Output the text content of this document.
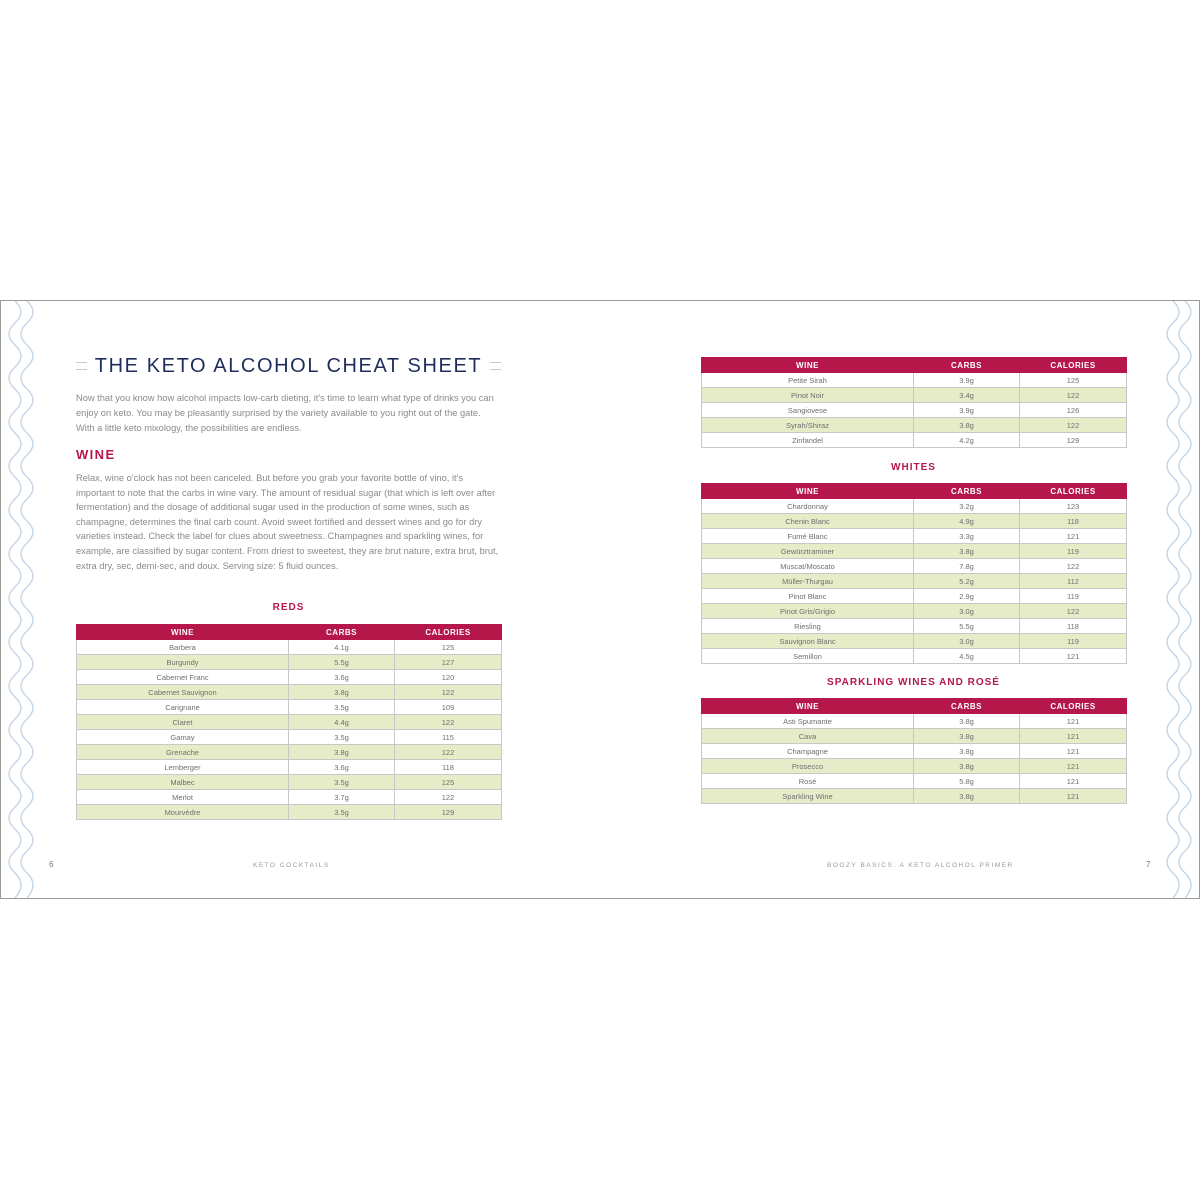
THE KETO ALCOHOL CHEAT SHEET
Now that you know how alcohol impacts low-carb dieting, it's time to learn what type of drinks you can enjoy on keto. You may be pleasantly surprised by the variety available to you right out of the gate. With a little keto mixology, the possibilities are endless.
WINE
Relax, wine o'clock has not been canceled. But before you grab your favorite bottle of vino, it's important to note that the carbs in wine vary. The amount of residual sugar (that which is left over after fermentation) and the dosage of additional sugar used in the production of some wines, such as champagne, determines the final carb count. Avoid sweet fortified and dessert wines and go for dry varieties instead. Check the label for clues about sweetness. Champagnes and sparkling wines, for example, are classified by sugar content. From driest to sweetest, they are brut nature, extra brut, brut, extra dry, sec, demi-sec, and doux. Serving size: 5 fluid ounces.
REDS
WINE	CARBS	CALORIES
Barbera	4.1g	125
Burgundy	5.5g	127
Cabernet Franc	3.6g	120
Cabernet Sauvignon	3.8g	122
Carignane	3.5g	109
Claret	4.4g	122
Gamay	3.5g	115
Grenache	3.8g	122
Lemberger	3.6g	118
Malbec	3.5g	125
Merlot	3.7g	122
Mourvèdre	3.5g	129
6	KETO COCKTAILS
WINE	CARBS	CALORIES
Petite Sirah	3.9g	125
Pinot Noir	3.4g	122
Sangiovese	3.9g	126
Syrah/Shiraz	3.8g	122
Zinfandel	4.2g	129
WHITES
WINE	CARBS	CALORIES
Chardonnay	3.2g	123
Chenin Blanc	4.9g	118
Fumé Blanc	3.3g	121
Gewürztraminer	3.8g	119
Muscat/Moscato	7.8g	122
Müller-Thurgau	5.2g	112
Pinot Blanc	2.9g	119
Pinot Gris/Grigio	3.0g	122
Riesling	5.5g	118
Sauvignon Blanc	3.0g	119
Semillon	4.5g	121
SPARKLING WINES AND ROSÉ
WINE	CARBS	CALORIES
Asti Spumante	3.8g	121
Cava	3.8g	121
Champagne	3.8g	121
Prosecco	3.8g	121
Rosé	5.8g	121
Sparkling Wine	3.8g	121
BOOZY BASICS: A KETO ALCOHOL PRIMER	7
